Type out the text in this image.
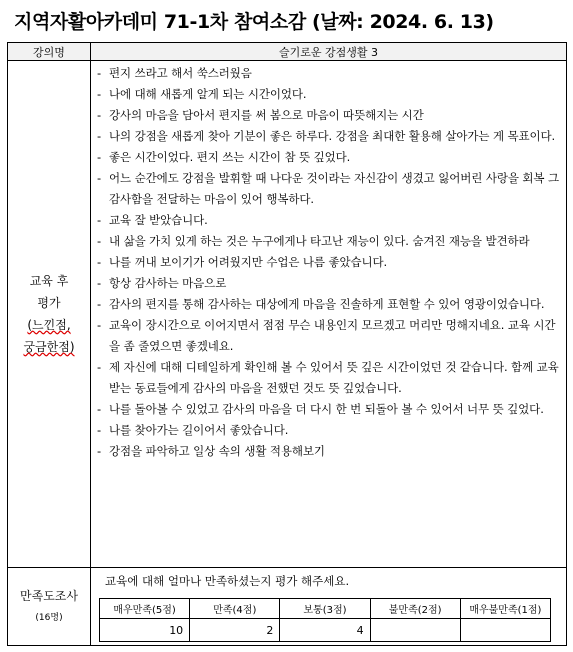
지역자활아카데미 71-1차 참여소감 (날짜: 2024. 6. 13)
강의명	슬기로운 강점생활 3

교육 후
평가
(느낀점,
궁금한점)

- 편지 쓰라고 해서 쑥스러웠음
- 나에 대해 새롭게 알게 되는 시간이었다.
- 강사의 마음을 담아서 편지를 써 봄으로 마음이 따뜻해지는 시간
- 나의 강점을 새롭게 찾아 기분이 좋은 하루다. 강점을 최대한 활용해 살아가는 게 목표이다.
- 좋은 시간이었다. 편지 쓰는 시간이 참 뜻 깊었다.
- 어느 순간에도 강점을 발휘할 때 나다운 것이라는 자신감이 생겼고 잃어버린 사랑을 회복 그 감사함을 전달하는 마음이 있어 행복하다.
- 교육 잘 받았습니다.
- 내 삶을 가치 있게 하는 것은 누구에게나 타고난 재능이 있다. 숨겨진 재능을 발견하라
- 나를 꺼내 보이기가 어려웠지만 수업은 나름 좋았습니다.
- 항상 감사하는 마음으로
- 감사의 편지를 통해 감사하는 대상에게 마음을 진솔하게 표현할 수 있어 영광이었습니다.
- 교육이 장시간으로 이어지면서 점점 무슨 내용인지 모르겠고 머리만 멍해지네요. 교육 시간을 좀 줄였으면 좋겠네요.
- 제 자신에 대해 디테일하게 확인해 볼 수 있어서 뜻 깊은 시간이었던 것 같습니다. 함께 교육받는 동료들에게 감사의 마음을 전했던 것도 뜻 깊었습니다.
- 나를 돌아볼 수 있었고 감사의 마음을 더 다시 한 번 되돌아 볼 수 있어서 너무 뜻 깊었다.
- 나를 찾아가는 길이어서 좋았습니다.
- 강점을 파악하고 일상 속의 생활 적용해보기

만족도조사
(16명)

교육에 대해 얼마나 만족하셨는지 평가 해주세요.
매우만족(5점)	만족(4점)	보통(3점)	불만족(2점)	매우불만족(1점)
10	2	4		
